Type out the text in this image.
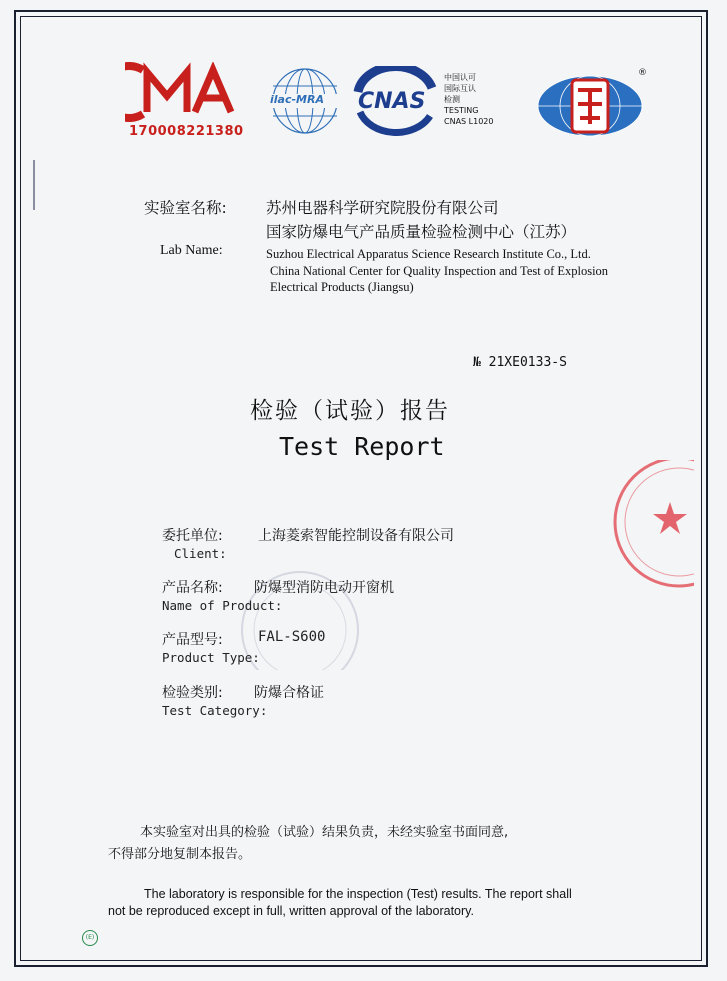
170008221380
ilac-MRA CNAS
中国认可
国际互认
检测
TESTING
CNAS L1020
®
实验室名称:	苏州电器科学研究院股份有限公司
国家防爆电气产品质量检验检测中心（江苏）
Lab Name:	Suzhou Electrical Apparatus Science Research Institute Co., Ltd.
China National Center for Quality Inspection and Test of Explosion
Electrical Products (Jiangsu)
№ 21XE0133-S
检验（试验）报告
Test Report
委托单位:	上海菱索智能控制设备有限公司
Client:
产品名称: 防爆型消防电动开窗机
Name of Product:
产品型号:	FAL-S600
Product Type:
检验类别: 防爆合格证
Test Category:
本实验室对出具的检验（试验）结果负责，未经实验室书面同意,
不得部分地复制本报告。
The laboratory is responsible for the inspection (Test) results. The report shall
not be reproduced except in full, written approval of the laboratory.
(E)
